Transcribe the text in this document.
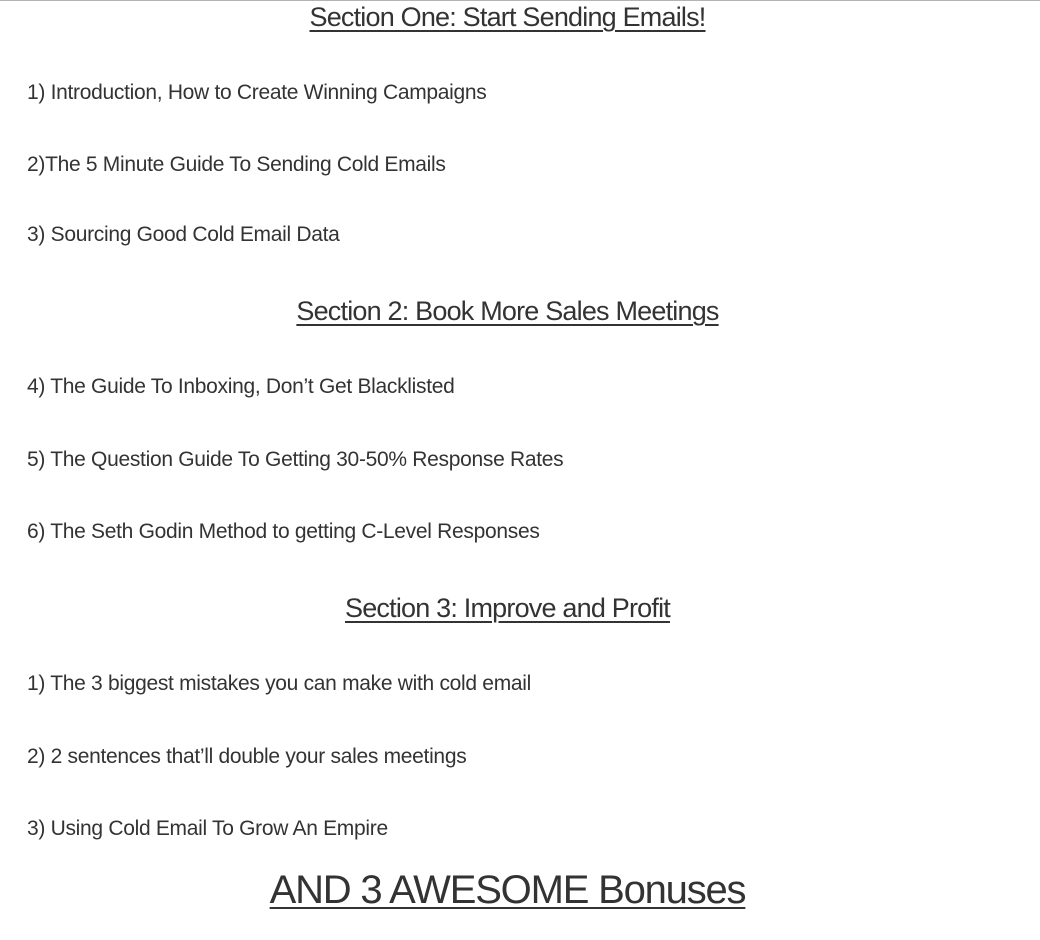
Section One: Start Sending Emails!

1) Introduction, How to Create Winning Campaigns

2)The 5 Minute Guide To Sending Cold Emails

3) Sourcing Good Cold Email Data

Section 2: Book More Sales Meetings

4) The Guide To Inboxing, Don’t Get Blacklisted

5) The Question Guide To Getting 30-50% Response Rates

6) The Seth Godin Method to getting C-Level Responses

Section 3: Improve and Profit

1) The 3 biggest mistakes you can make with cold email

2) 2 sentences that’ll double your sales meetings

3) Using Cold Email To Grow An Empire

AND 3 AWESOME Bonuses
